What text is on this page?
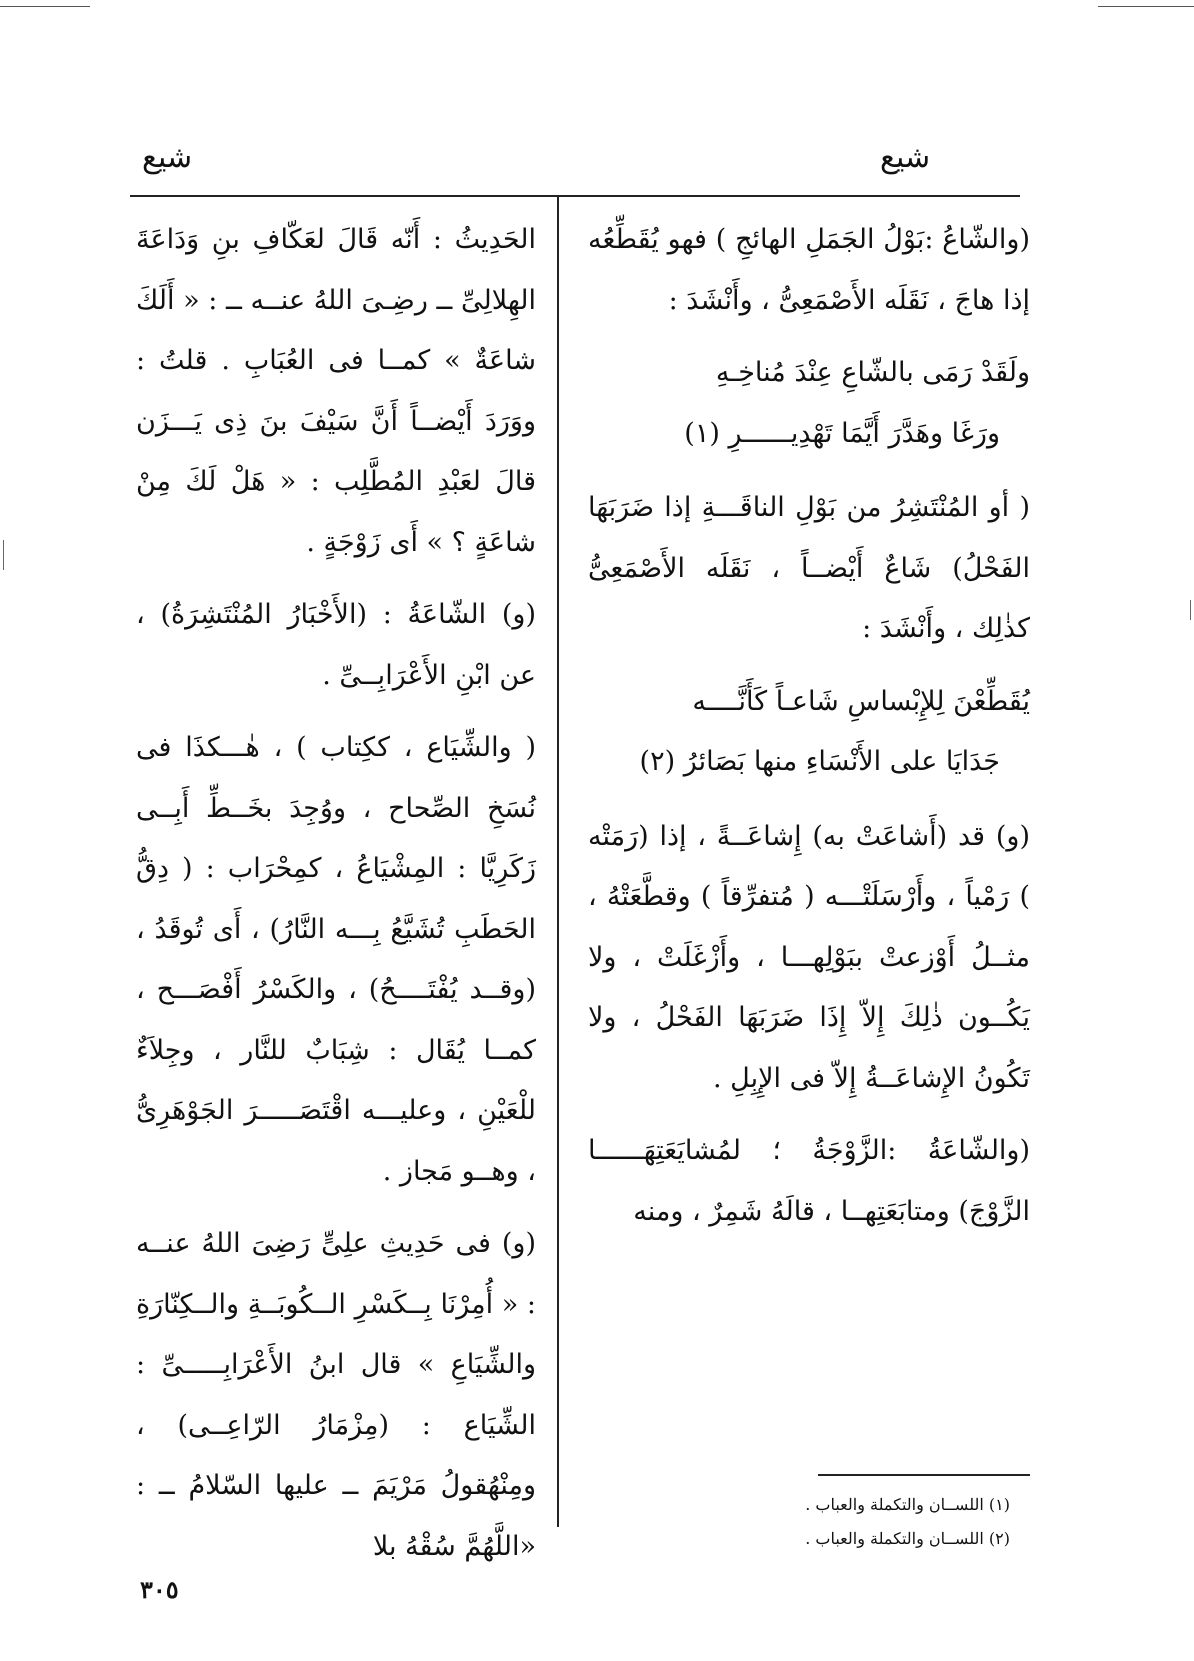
شيع
شيع

(والشّاعُ :بَوْلُ الجَمَلِ الهائجِ ) فهو يُقَطِّعُه إذا هاجَ ، نَقَلَه الأَصْمَعِىُّ ، وأَنْشَدَ :

ولَقَدْ رَمَى بالشّاعِ عِنْدَ مُناخِـهِ
ورَغَا وهَدَّرَ أَيَّمَا تَهْدِيــــــرِ (١)

( أو المُنْتَشِرُ من بَوْلِ الناقَـــةِ إذا ضَرَبَهَا الفَحْلُ) شَاعٌ أَيْضــاً ، نَقَلَه الأَصْمَعِىُّ كذٰلِك ، وأَنْشَدَ :

يُقَطِّعْنَ لِلإِبْساسِ شَاعـاً كَأَنَّــــه
جَدَايَا على الأَنْسَاءِ منها بَصَائرُ (٢)

(و) قد (أَشاعَتْ به) إِشاعَــةً ، إذا (رَمَتْه ) رَمْياً ، وأَرْسَلَتْـــه ( مُتفرِّقاً ) وقطَّعَتْهُ ، مثــلُ أَوْزعتْ ببَوْلِهـــا ، وأَزْغَلَتْ ، ولا يَكُــون ذٰلِكَ إِلاّ إِذَا ضَرَبَهَا الفَحْلُ ، ولا تَكُونُ الإِشاعَــةُ إِلاّ فى الإِبِلِ .

(والشّاعَةُ :الزَّوْجَةُ ؛ لمُشايَعَتِهَــــــا الزَّوْجَ) ومتابَعَتِهــا ، قالَهُ شَمِرٌ ، ومنه

الحَدِيثُ : أَنّه قَالَ لعَكّافِ بنِ وَدَاعَةَ الهِلالِىِّ ــ رضِـىَ اللهُ عنــه ــ : « أَلَكَ شاعَةٌ » كمــا فى العُبَابِ . قلتُ : ووَرَدَ أَيْضــاً أَنَّ سَيْفَ بنَ ذِى يَـــزَن قالَ لعَبْدِ المُطَّلِب : « هَلْ لَكَ مِنْ شاعَةٍ ؟ » أَى زَوْجَةٍ .

(و) الشّاعَةُ : (الأَخْبَارُ المُنْتَشِرَةُ) ، عن ابْنِ الأَعْرَابِــىِّ .

( والشِّيَاع ، ككِتاب ) ، هٰـــكذَا فى نُسَخِ الصِّحاح ، ووُجِدَ بخَــطِّ أَبِــى زَكَرِيَّا : المِشْيَاعُ ، كمِحْرَاب : ( دِقُّ الحَطَبِ تُشَيَّعُ بِـــه النَّارُ) ، أَى تُوقَدُ ، (وقــد يُفْتَــــحُ) ، والكَسْرُ أَفْصَـــح ، كمــا يُقَال : شِبَابٌ للنَّار ، وجِلاَءٌ للْعَيْنِ ، وعليـــه اقْتَصَـــــرَ الجَوْهَرِىُّ ، وهــو مَجاز .

(و) فى حَدِيثِ علِىٍّ رَضِىَ اللهُ عنــه : « أُمِرْنَا بِــكَسْرِ الــكُوبَــةِ والــكِنّارَةِ والشِّيَاعِ » قال ابنُ الأَعْرَابِـــــىِّ : الشِّيَاع : (مِزْمَارُ الرّاعِــى) ، ومِنْهُقولُ مَرْيَمَ ــ عليها السّلامُ ــ : «اللَّهُمَّ سُقْهُ بلا

(١) اللســان والتكملة والعباب .
(٢) اللســان والتكملة والعباب .
٣٠٥
